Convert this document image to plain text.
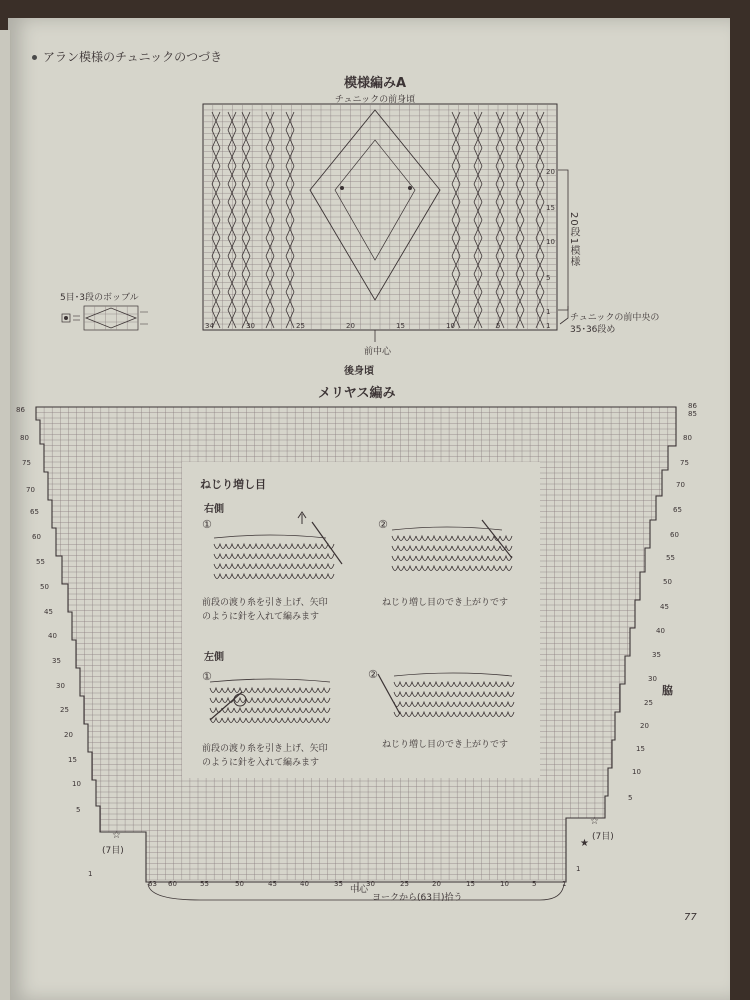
アラン模様のチュニックのつづき
模様編みA
チュニックの前身頃
20段1模様
チュニックの前中央の
35･36段め
前中心
20
15
10
5
1
34	30	25	20	15	10	5	1
5目･3段のボッブル
後身頃
メリヤス編み
86
80
75
70
65
60
55
50
45
40
35
30
25
20
15
10
5
1
86
85
80
75
70
65
60
55
50
45
40
35
30
25
20
15
10
5
1
63 60	55	50	45	40	35	30	25	20	15	10	5	1
脇
☆
(7目)
☆
(7目)
★
中心
ヨークから(63目)拾う
ねじり増し目
右側
①	②
前段の渡り糸を引き上げ、矢印
のように針を入れて編みます
ねじり増し目のでき上がりです
左側
①	②
前段の渡り糸を引き上げ、矢印
のように針を入れて編みます
ねじり増し目のでき上がりです
77
